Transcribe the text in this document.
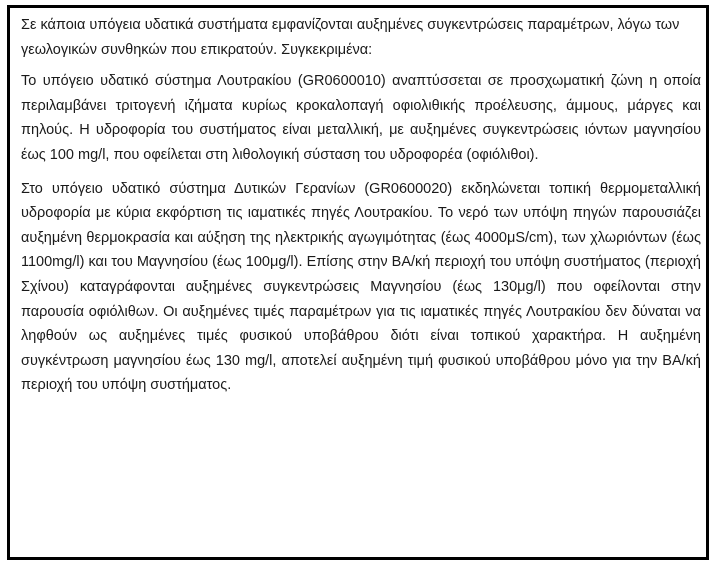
Σε κάποια υπόγεια υδατικά συστήματα εμφανίζονται αυξημένες συγκεντρώσεις παραμέτρων, λόγω των γεωλογικών συνθηκών που επικρατούν. Συγκεκριμένα:

Το υπόγειο υδατικό σύστημα Λουτρακίου (GR0600010) αναπτύσσεται σε προσχωματική ζώνη η οποία περιλαμβάνει τριτογενή ιζήματα κυρίως κροκαλοπαγή οφιολιθικής προέλευσης, άμμους, μάργες και πηλούς. Η υδροφορία του συστήματος είναι μεταλλική, με αυξημένες συγκεντρώσεις ιόντων μαγνησίου έως 100 mg/l, που οφείλεται στη λιθολογική σύσταση του υδροφορέα (οφιόλιθοι).

Στο υπόγειο υδατικό σύστημα Δυτικών Γερανίων (GR0600020) εκδηλώνεται τοπική θερμομεταλλική υδροφορία με κύρια εκφόρτιση τις ιαματικές πηγές Λουτρακίου. Το νερό των υπόψη πηγών παρουσιάζει αυξημένη θερμοκρασία και αύξηση της ηλεκτρικής αγωγιμότητας (έως 4000μS/cm), των χλωριόντων (έως 1100mg/l) και του Μαγνησίου (έως 100μg/l). Επίσης στην ΒΑ/κή περιοχή του υπόψη συστήματος (περιοχή Σχίνου) καταγράφονται αυξημένες συγκεντρώσεις Μαγνησίου (έως 130μg/l) που οφείλονται στην παρουσία οφιόλιθων. Οι αυξημένες τιμές παραμέτρων για τις ιαματικές πηγές Λουτρακίου δεν δύναται να ληφθούν ως αυξημένες τιμές φυσικού υποβάθρου διότι είναι τοπικού χαρακτήρα. Η αυξημένη συγκέντρωση μαγνησίου έως 130 mg/l, αποτελεί αυξημένη τιμή φυσικού υποβάθρου μόνο για την ΒΑ/κή περιοχή του υπόψη συστήματος.
